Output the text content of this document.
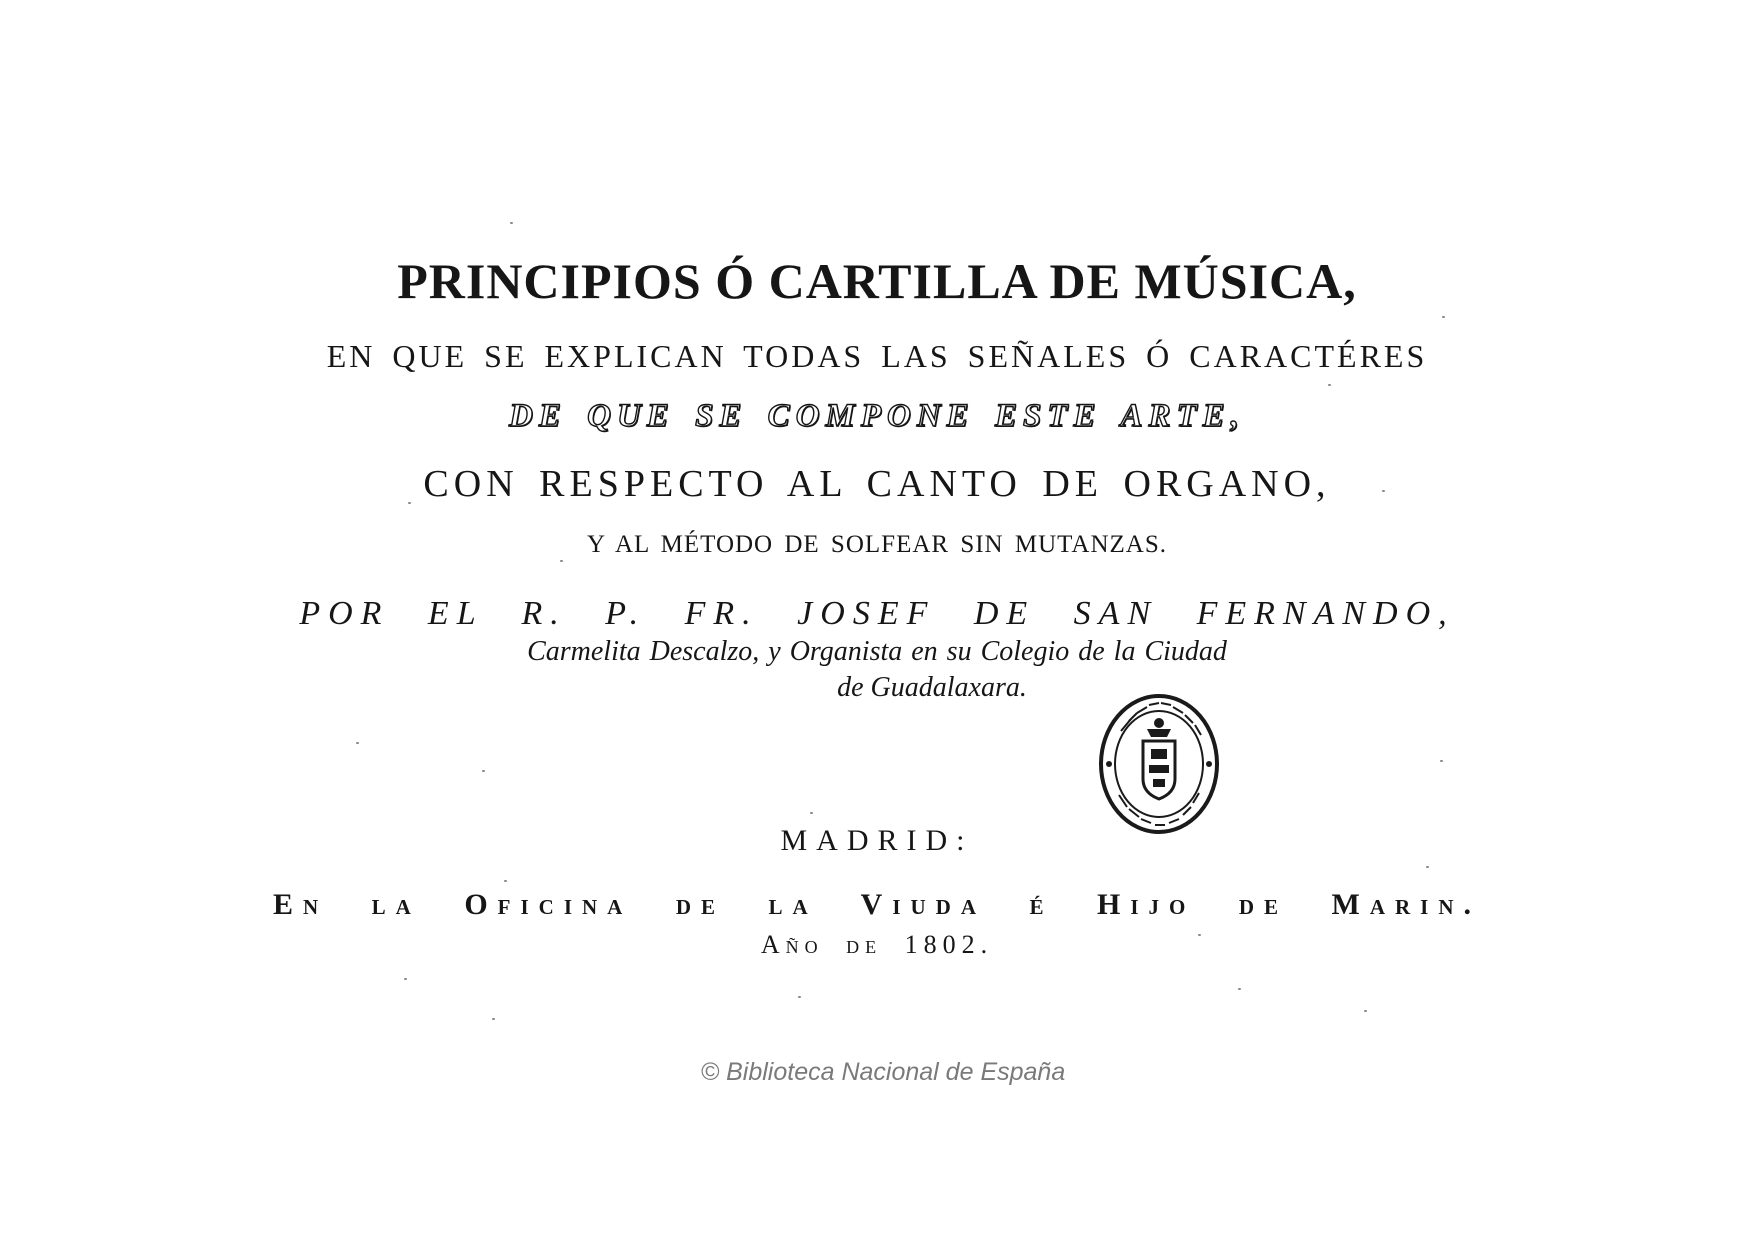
PRINCIPIOS Ó CARTILLA DE MÚSICA,
EN QUE SE EXPLICAN TODAS LAS SEÑALES Ó CARACTÉRES
DE QUE SE COMPONE ESTE ARTE,
CON RESPECTO AL CANTO DE ORGANO,
Y AL MÉTODO DE SOLFEAR SIN MUTANZAS.
POR EL R. P. FR. JOSEF DE SAN FERNANDO,
Carmelita Descalzo, y Organista en su Colegio de la Ciudad
de Guadalaxara.
MADRID:
En la Oficina de la Viuda é Hijo de Marin.
Año de 1802.
© Biblioteca Nacional de España
